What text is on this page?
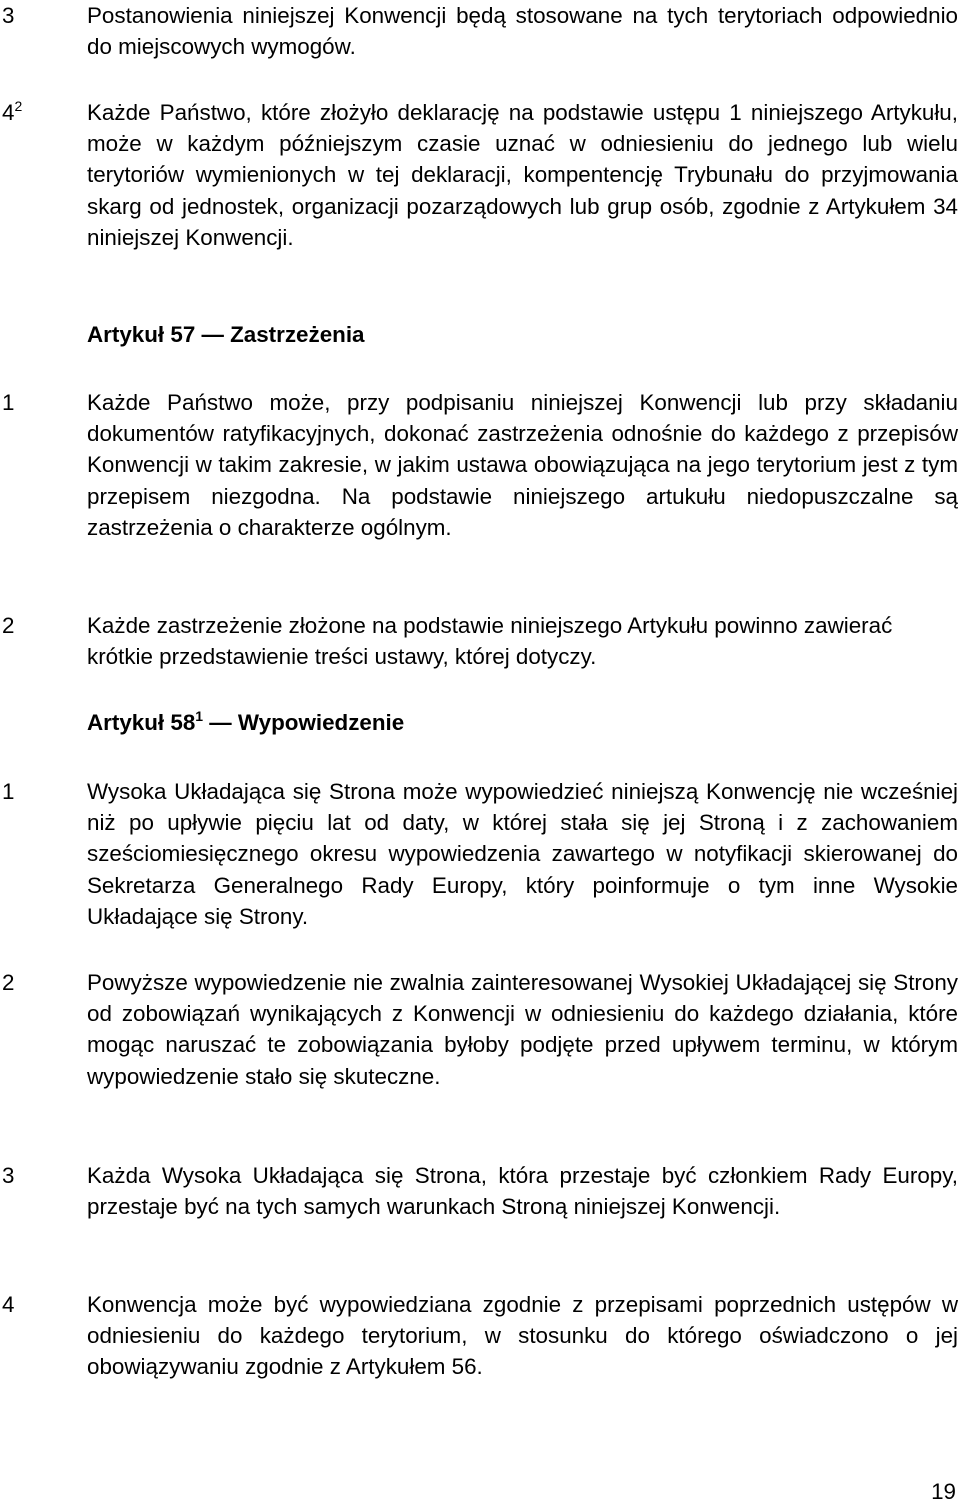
3	Postanowienia niniejszej Konwencji będą stosowane na tych terytoriach odpowiednio do miejscowych wymogów.
$4^2$	Każde Państwo, które złożyło deklarację na podstawie ustępu 1 niniejszego Artykułu, może w każdym późniejszym czasie uznać w odniesieniu do jednego lub wielu terytoriów wymienionych w tej deklaracji, kompentencję Trybunału do przyjmowania skarg od jednostek, organizacji pozarządowych lub grup osób, zgodnie z Artykułem 34 niniejszej Konwencji.
Artykuł 57 — Zastrzeżenia
1	Każde Państwo może, przy podpisaniu niniejszej Konwencji lub przy składaniu dokumentów ratyfikacyjnych, dokonać zastrzeżenia odnośnie do każdego z przepisów Konwencji w takim zakresie, w jakim ustawa obowiązująca na jego terytorium jest z tym przepisem niezgodna. Na podstawie niniejszego artukułu niedopuszczalne są zastrzeżenia o charakterze ogólnym.
2	Każde zastrzeżenie złożone na podstawie niniejszego Artykułu powinno zawierać krótkie przedstawienie treści ustawy, której dotyczy.
Artykuł $58^1$ — Wypowiedzenie
1	Wysoka Układająca się Strona może wypowiedzieć niniejszą Konwencję nie wcześniej niż po upływie pięciu lat od daty, w której stała się jej Stroną i z zachowaniem sześciomiesięcznego okresu wypowiedzenia zawartego w notyfikacji skierowanej do Sekretarza Generalnego Rady Europy, który poinformuje o tym inne Wysokie Układające się Strony.
2	Powyższe wypowiedzenie nie zwalnia zainteresowanej Wysokiej Układającej się Strony od zobowiązań wynikających z Konwencji w odniesieniu do każdego działania, które mogąc naruszać te zobowiązania byłoby podjęte przed upływem terminu, w którym wypowiedzenie stało się skuteczne.
3	Każda Wysoka Układająca się Strona, która przestaje być członkiem Rady Europy, przestaje być na tych samych warunkach Stroną niniejszej Konwencji.
4	Konwencja może być wypowiedziana zgodnie z przepisami poprzednich ustępów w odniesieniu do każdego terytorium, w stosunku do którego oświadczono o jej obowiązywaniu zgodnie z Artykułem 56.
19
